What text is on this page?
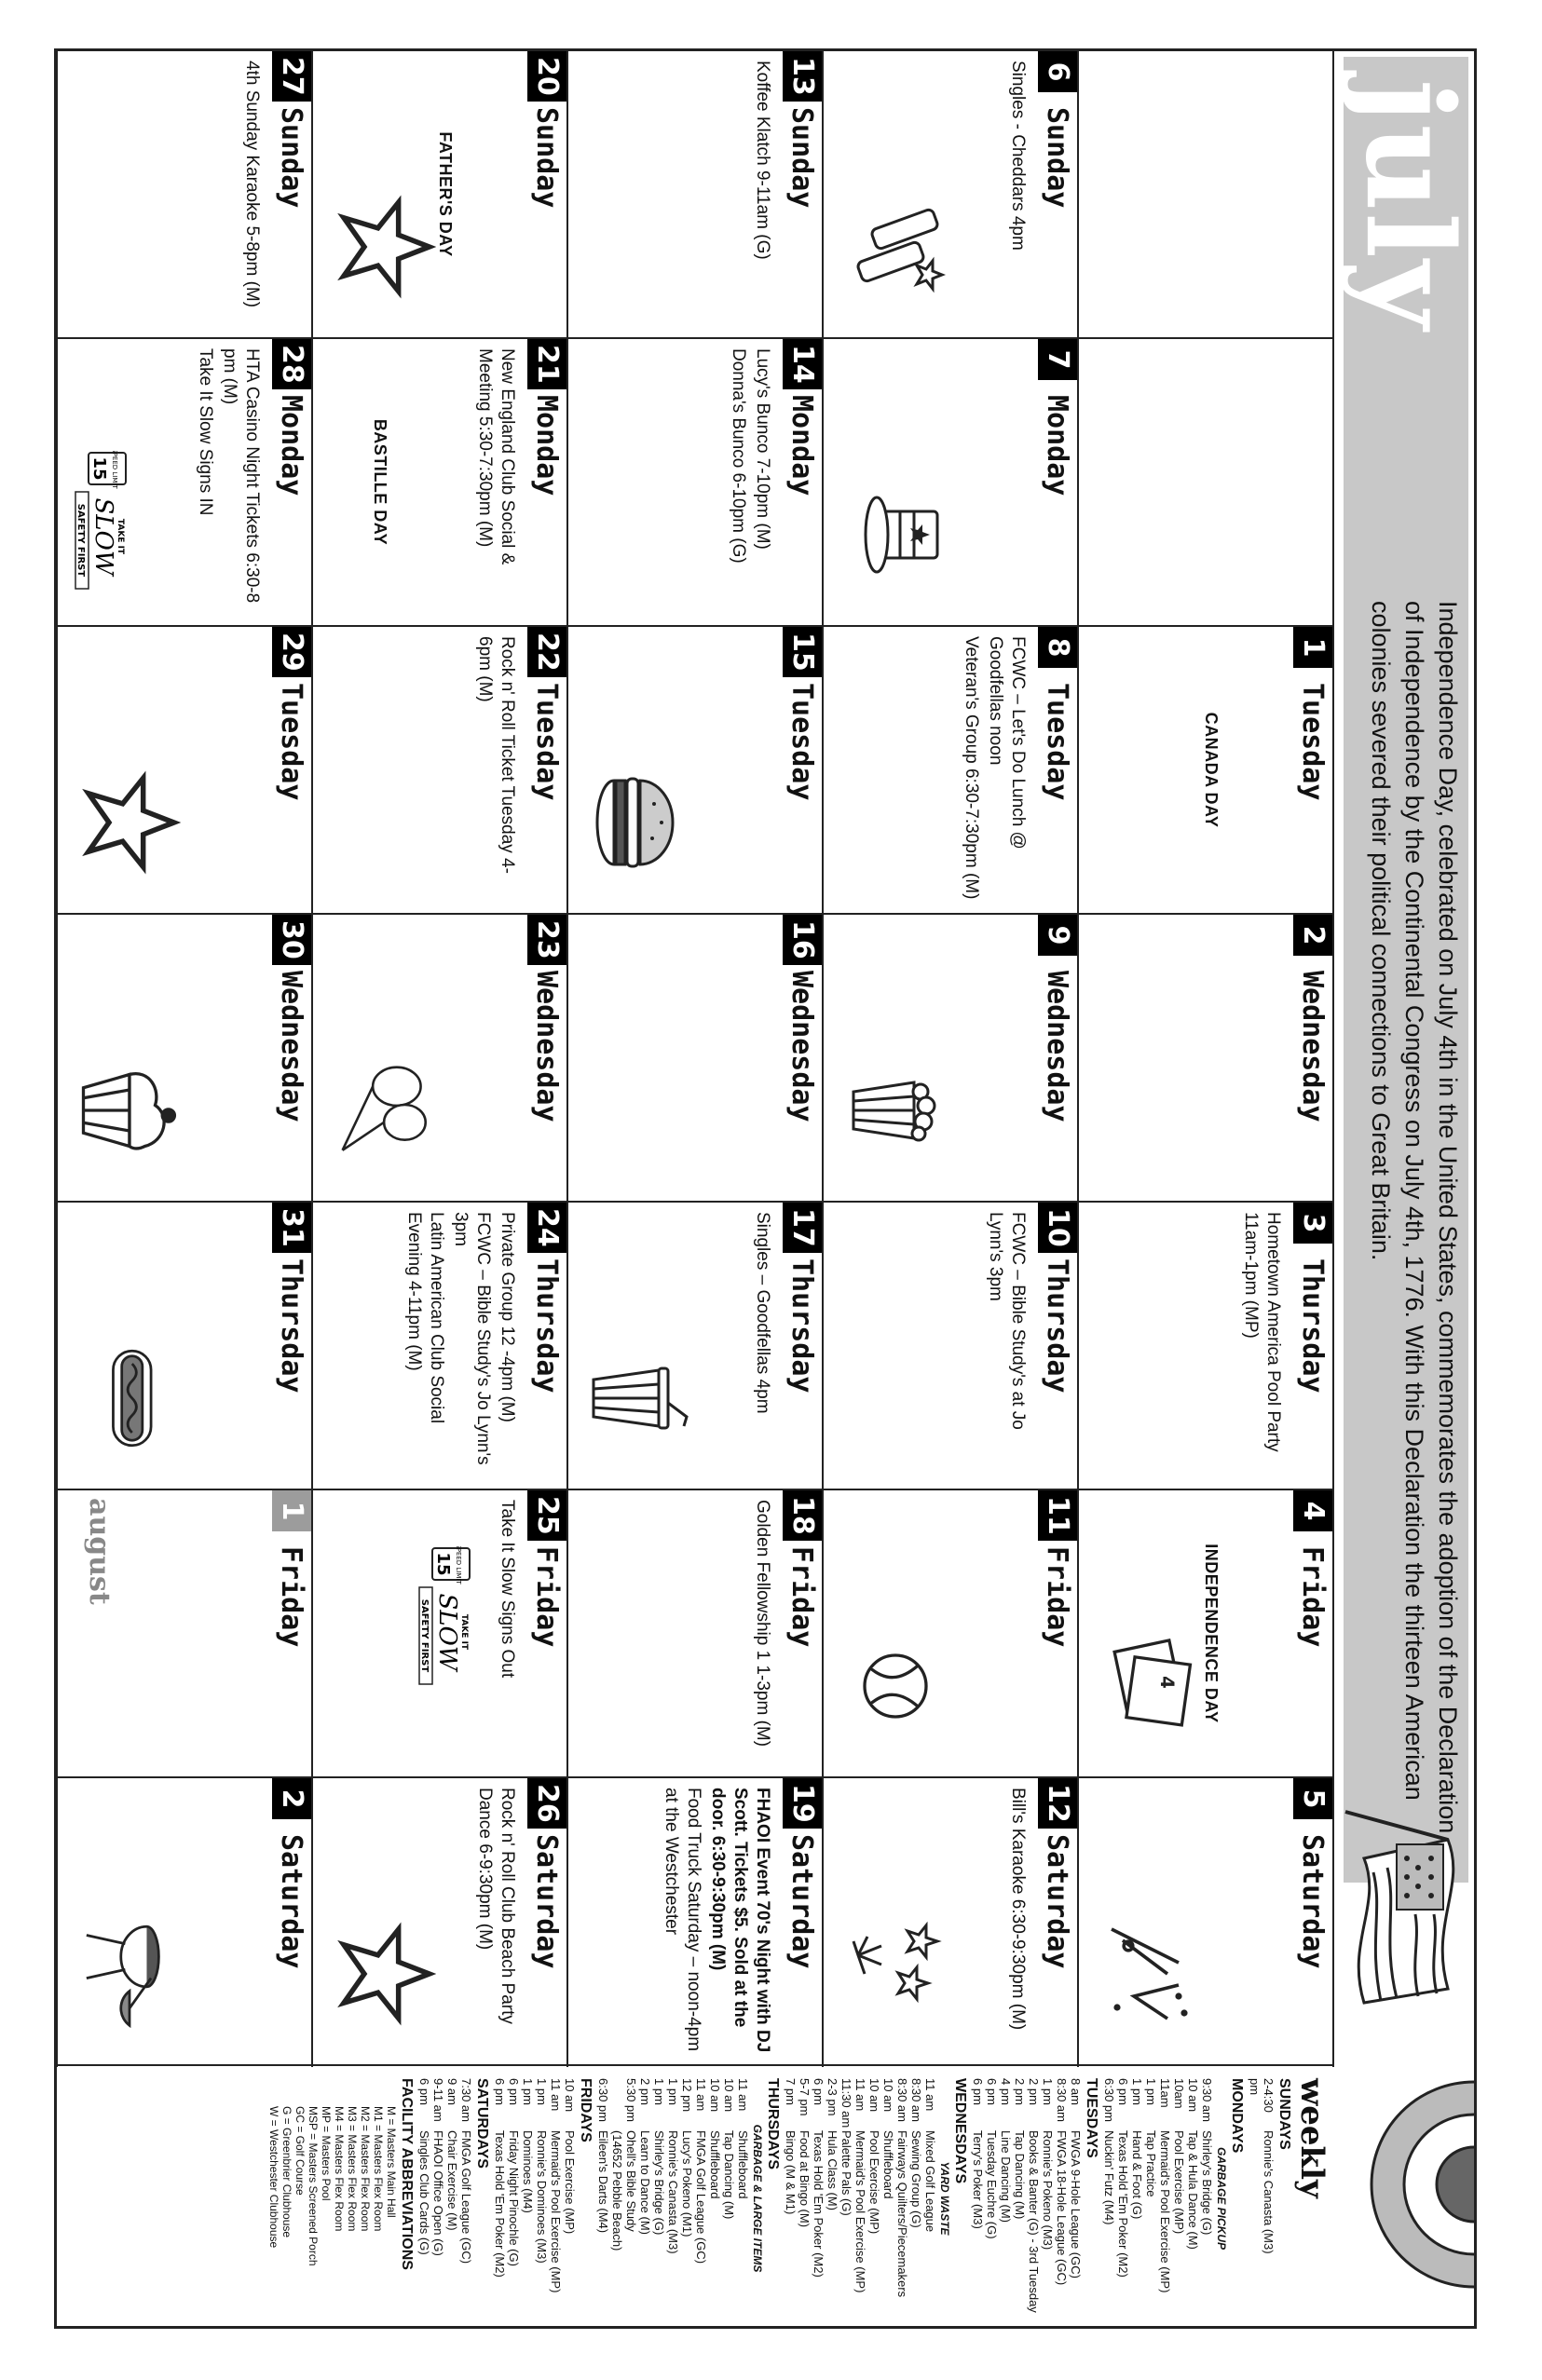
july
Independence Day, celebrated on July 4th in the United States, commemorates the adoption of the Declaration of Independence by the Continental Congress on July 4th, 1776. With this Declaration the thirteen American colonies severed their political connections to Great Britain.
1
Tuesday
CANADA DAY
2
Wednesday
3
Thursday
Hometown America Pool Party 11am-1pm (MP)
4
Friday
INDEPENDENCE DAY
4
5
Saturday
6
Sunday
Singles - Cheddars 4pm
7
Monday
8
Tuesday
FCWC – Let's Do Lunch @ Goodfellas noon
Veteran's Group 6:30-7:30pm (M)
9
Wednesday
10
Thursday
FCWC – Bible Study's at Jo Lynn's 3pm
11
Friday
12
Saturday
Bill's Karaoke 6:30-9:30pm (M)
13
Sunday
Koffee Klatch 9-11am (G)
14
Monday
Lucy's Bunco 7-10pm (M)
Donna's Bunco 6-10pm (G)
15
Tuesday
16
Wednesday
17
Thursday
Singles – Goodfellas 4pm
18
Friday
Golden Fellowship 1 1-3pm (M)
19
Saturday
FHAOI Event 70's Night with DJ Scott. Tickets $5. Sold at the door. 6:30-9:30pm (M)
Food Truck Saturday – noon-4pm at the Westchester
20
Sunday
FATHER'S DAY
21
Monday
New England Club Social & Meeting 5:30-7:30pm (M)
BASTILLE DAY
22
Tuesday
Rock n' Roll Ticket Tuesday 4-6pm (M)
23
Wednesday
24
Thursday
Private Group 12 -4pm (M)
FCWC – Bible Study's Jo Lynn's 3pm
Latin American Club Social Evening 4-11pm (M)
25
Friday
Take It Slow Signs Out
SPEED LIMIT
15
TAKE IT
SLOW
SAFETY FIRST
26
Saturday
Rock n' Roll Club Beach Party Dance 6-9:30pm (M)
27
Sunday
4th Sunday Karaoke 5-8pm (M)
28
Monday
HTA Casino Night Tickets 6:30-8 pm (M)
Take It Slow Signs IN
SPEED LIMIT
15
TAKE IT
SLOW
SAFETY FIRST
29
Tuesday
30
Wednesday
31
Thursday
1
Friday
august
2
Saturday
weekly
SUNDAYS
2-4:30 pm
Ronnie's Canasta (M3)
MONDAYS
GARBAGE PICKUP
9:30 am
Shirley's Bridge (G)
10 am
Tap & Hula Dance (M)
10am
Pool Exercise (MP)
11am
Mermaid's Pool Exercise (MP)
1 pm
Tap Practice
1 pm
Hand & Foot (G)
6 pm
Texas Hold 'Em Poker (M2)
6:30 pm
Nuckin' Futz (M4)
TUESDAYS
8 am
FWGA 9-Hole League (GC)
8:30 am
FWGA 18-Hole League (GC)
1 pm
Ronnie's Pokeno (M3)
2 pm
Books & Banter (G) - 3rd Tuesday
2 pm
Tap Dancing (M)
4 pm
Line Dancing (M)
6 pm
Tuesday Euchre (G)
6 pm
Terry's Poker (M3)
WEDNESDAYS
YARD WASTE
11 am
Mixed Golf League
8:30 am
Sewing Group (G)
8:30 am
Fairways Quilters/Piecemakers
10 am
Shuffleboard
10 am
Pool Exercise (MP)
11 am
Mermaid's Pool Exercise (MP)
11:30 am
Palette Pals (G)
2-3 pm
Hula Class (M)
6 pm
Texas Hold 'Em Poker (M2)
5-7 pm
Food at Bingo (M)
7 pm
Bingo (M & M1)
THURSDAYS
GARBAGE & LARGE ITEMS
11 am
Shuffleboard
10 am
Tap Dancing (M)
10 am
Shuffleboard
11 am
FMGA Golf League (GC)
12 pm
Lucy's Pokeno (M1)
1 pm
Ronnie's Canasta (M3)
1 pm
Shirley's Bridge (G)
2 pm
Learn to Dance (M)
5:30 pm
Ohell's Bible Study
(14652 Pebble Beach)
6:30 pm
Eileen's Darts (M4)
FRIDAYS
10 am
Pool Exercise (MP)
11 am
Mermaid's Pool Exercise (MP)
1 pm
Ronnie's Dominoes (M3)
1 pm
Dominoes (M4)
6 pm
Friday Night Pinochle (G)
6 pm
Texas Hold 'Em Poker (M2)
SATURDAYS
7:30 am
FMGA Golf League (GC)
9 am
Chair Exercise (M)
9-11 am
FHAOI Office Open (G)
6 pm
Singles Club Cards (G)
FACILITY ABBREVIATIONS
M = Masters Main Hall
M1 = Masters Flex Room
M2 = Masters Flex Room
M3 = Masters Flex Room
M4 = Masters Flex Room
MP = Masters Pool
MSP = Masters Screened Porch
GC = Golf Course
G = Greenbrier Clubhouse
W = Westchester Clubhouse
